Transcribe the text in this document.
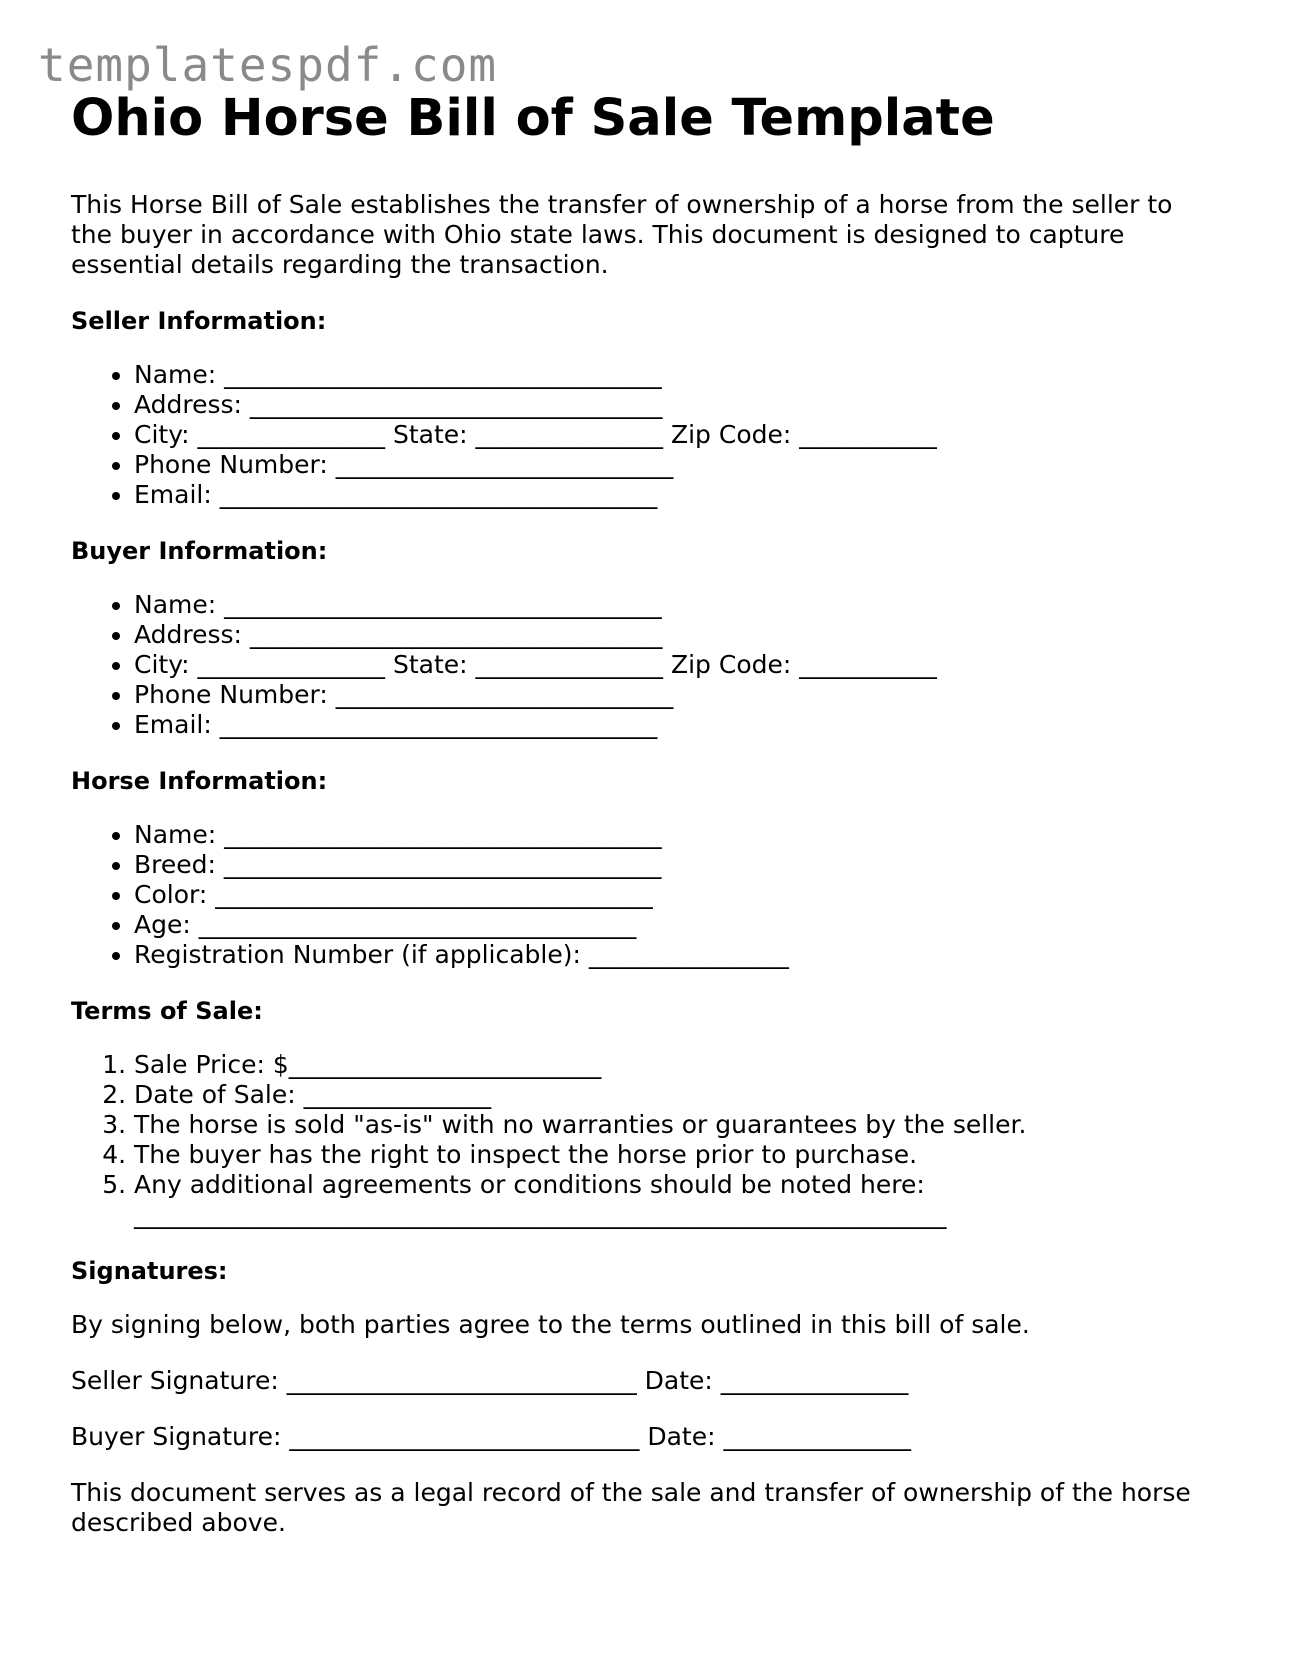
templatespdf.com
Ohio Horse Bill of Sale Template

This Horse Bill of Sale establishes the transfer of ownership of a horse from the seller to the buyer in accordance with Ohio state laws. This document is designed to capture essential details regarding the transaction.

Seller Information:
• Name: ___________________________________
• Address: _________________________________
• City: _______________ State: _______________ Zip Code: ___________
• Phone Number: ___________________________
• Email: ___________________________________
Buyer Information:
• Name: ___________________________________
• Address: _________________________________
• City: _______________ State: _______________ Zip Code: ___________
• Phone Number: ___________________________
• Email: ___________________________________
Horse Information:
• Name: ___________________________________
• Breed: ___________________________________
• Color: ___________________________________
• Age: ___________________________________
• Registration Number (if applicable): ________________
Terms of Sale:
1. Sale Price: $_________________________
2. Date of Sale: _______________
3. The horse is sold "as-is" with no warranties or guarantees by the seller.
4. The buyer has the right to inspect the horse prior to purchase.
5. Any additional agreements or conditions should be noted here:
_________________________________________________________________
Signatures:

By signing below, both parties agree to the terms outlined in this bill of sale.

Seller Signature: ____________________________ Date: _______________
Buyer Signature: ____________________________ Date: _______________

This document serves as a legal record of the sale and transfer of ownership of the horse described above.
